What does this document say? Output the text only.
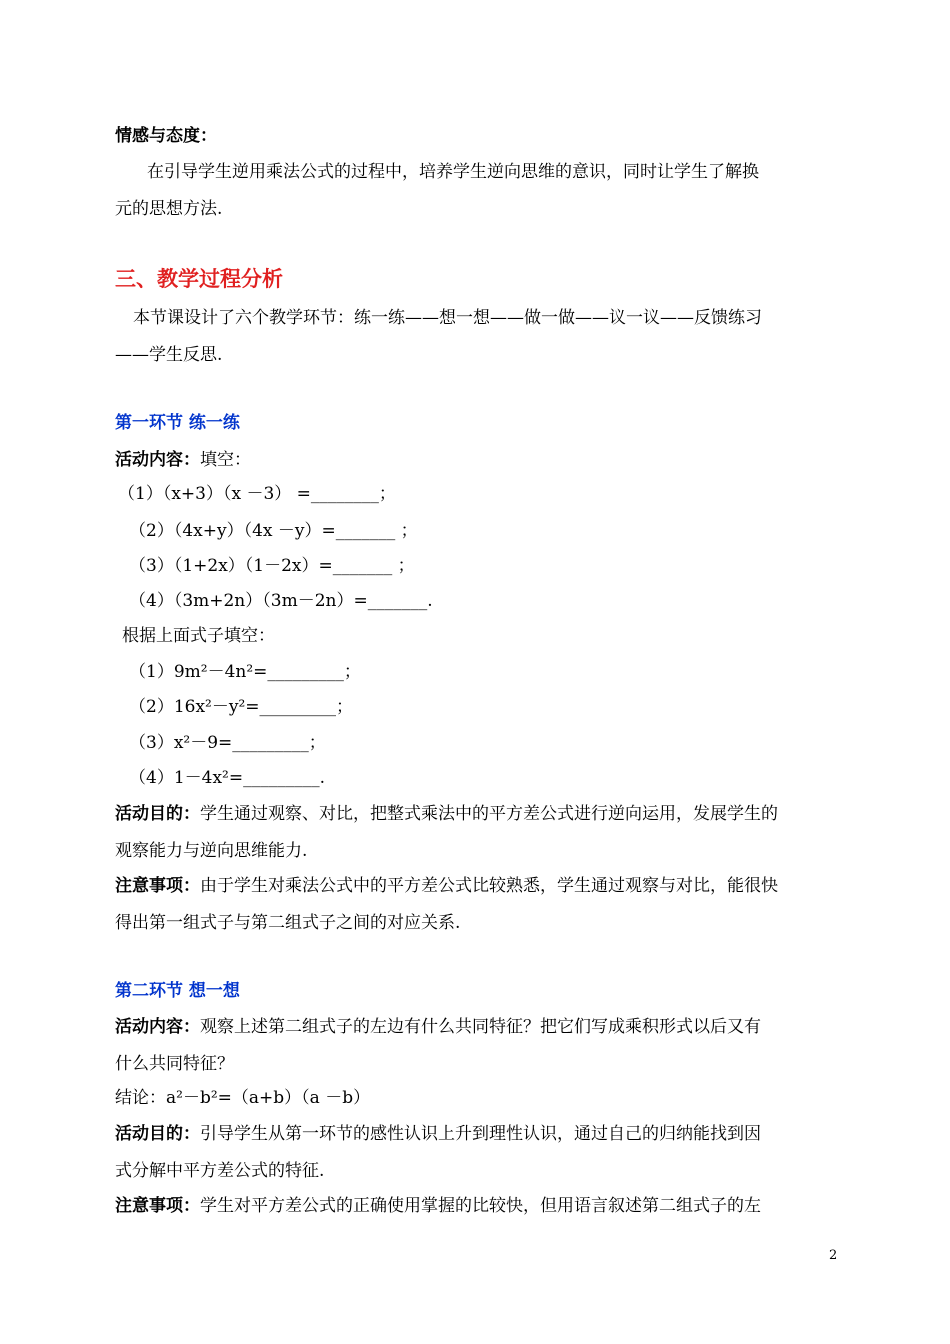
情感与态度：
在引导学生逆用乘法公式的过程中，培养学生逆向思维的意识，同时让学生了解换
元的思想方法.
三、教学过程分析
本节课设计了六个教学环节：练一练——想一想——做一做——议一议——反馈练习
——学生反思.
第一环节 练一练
活动内容：填空：
（1）（x+3）（x －3） =________；
（2）（4x+y）（4x －y）=_______ ；
（3）（1+2x）（1－2x）=_______ ；
（4）（3m+2n）（3m－2n）=_______.
根据上面式子填空：
（1）9m²－4n²=_________；
（2）16x²－y²=_________；
（3）x²－9=_________；
（4）1－4x²=_________.
活动目的：学生通过观察、对比，把整式乘法中的平方差公式进行逆向运用，发展学生的
观察能力与逆向思维能力.
注意事项：由于学生对乘法公式中的平方差公式比较熟悉，学生通过观察与对比，能很快
得出第一组式子与第二组式子之间的对应关系.
第二环节 想一想
活动内容：观察上述第二组式子的左边有什么共同特征？把它们写成乘积形式以后又有
什么共同特征？
结论：a²－b²=（a+b）（a －b）
活动目的：引导学生从第一环节的感性认识上升到理性认识，通过自己的归纳能找到因
式分解中平方差公式的特征.
注意事项：学生对平方差公式的正确使用掌握的比较快，但用语言叙述第二组式子的左
2
